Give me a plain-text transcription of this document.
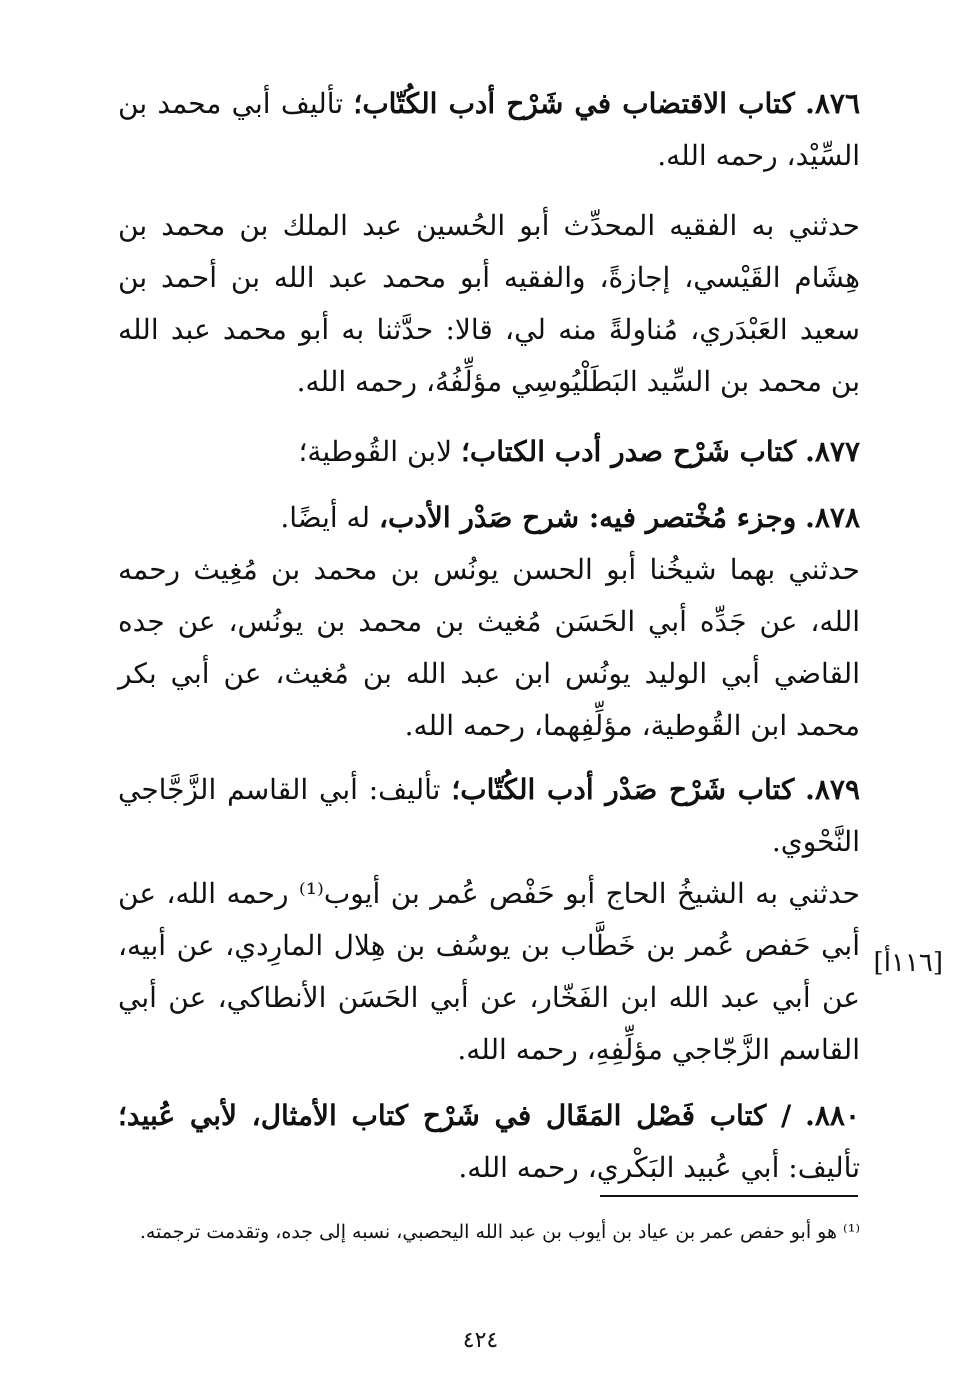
٨٧٦. كتاب الاقتضاب في شَرْح أدب الكُتّاب؛ تأليف أبي محمد بن السِّيْد، رحمه الله.

حدثني به الفقيه المحدِّث أبو الحُسين عبد الملك بن محمد بن هِشَام القَيْسي، إجازةً، والفقيه أبو محمد عبد الله بن أحمد بن سعيد العَبْدَري، مُناولةً منه لي، قالا: حدَّثنا به أبو محمد عبد الله بن محمد بن السِّيد البَطَلْيُوسِي مؤلِّفُهُ، رحمه الله.

٨٧٧. كتاب شَرْح صدر أدب الكتاب؛ لابن القُوطية؛

٨٧٨. وجزء مُخْتصر فيه: شرح صَدْر الأدب، له أيضًا.

حدثني بهما شيخُنا أبو الحسن يونُس بن محمد بن مُغِيث رحمه الله، عن جَدِّه أبي الحَسَن مُغيث بن محمد بن يونُس، عن جده القاضي أبي الوليد يونُس ابن عبد الله بن مُغيث، عن أبي بكر محمد ابن القُوطية، مؤلِّفِهما، رحمه الله.

٨٧٩. كتاب شَرْح صَدْر أدب الكُتّاب؛ تأليف: أبي القاسم الزَّجَّاجي النَّحْوي.

حدثني به الشيخُ الحاج أبو حَفْص عُمر بن أيوب⁽¹⁾ رحمه الله، عن أبي حَفص عُمر بن خَطَّاب بن يوسُف بن هِلال المارِدي، عن أبيه، عن أبي عبد الله ابن الفَخّار، عن أبي الحَسَن الأنطاكي، عن أبي القاسم الزَّجّاجي مؤلِّفِهِ، رحمه الله.

٨٨٠. / كتاب فَصْل المَقَال في شَرْح كتاب الأمثال، لأبي عُبيد؛ تأليف: أبي عُبيد البَكْري، رحمه الله.

[١١٦أ]

⁽¹⁾ هو أبو حفص عمر بن عياد بن أيوب بن عبد الله اليحصبي، نسبه إلى جده، وتقدمت ترجمته.

٤٢٤
